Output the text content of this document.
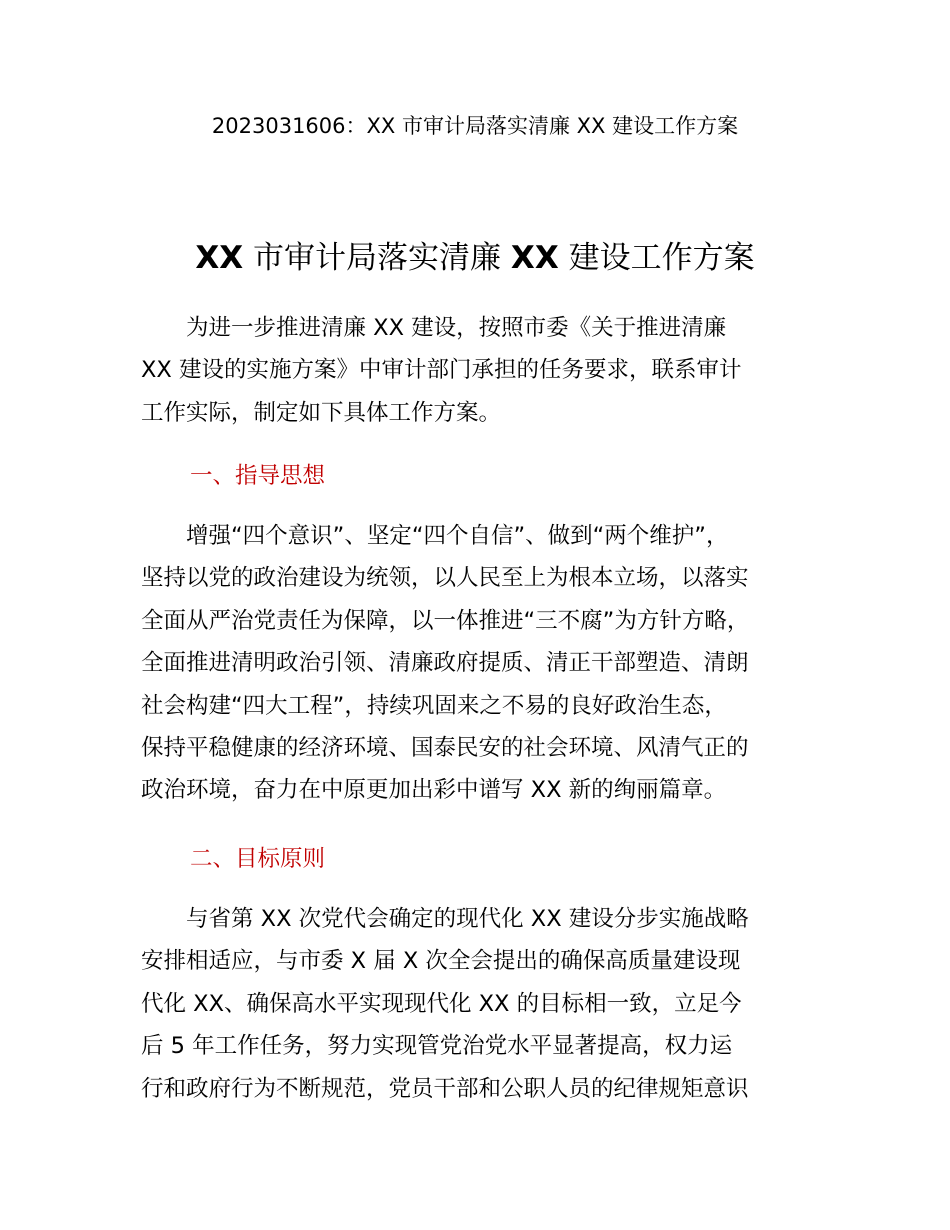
2023031606：XX 市审计局落实清廉 XX 建设工作方案
XX 市审计局落实清廉 XX 建设工作方案
　　为进一步推进清廉 XX 建设，按照市委《关于推进清廉
XX 建设的实施方案》中审计部门承担的任务要求，联系审计
工作实际，制定如下具体工作方案。
一、指导思想
　　增强“四个意识”、坚定“四个自信”、做到“两个维护”，
坚持以党的政治建设为统领，以人民至上为根本立场，以落实
全面从严治党责任为保障，以一体推进“三不腐”为方针方略，
全面推进清明政治引领、清廉政府提质、清正干部塑造、清朗
社会构建“四大工程”，持续巩固来之不易的良好政治生态，
保持平稳健康的经济环境、国泰民安的社会环境、风清气正的
政治环境，奋力在中原更加出彩中谱写 XX 新的绚丽篇章。
二、目标原则
　　与省第 XX 次党代会确定的现代化 XX 建设分步实施战略
安排相适应，与市委 X 届 X 次全会提出的确保高质量建设现
代化 XX、确保高水平实现现代化 XX 的目标相一致，立足今
后 5 年工作任务，努力实现管党治党水平显著提高，权力运
行和政府行为不断规范，党员干部和公职人员的纪律规矩意识
